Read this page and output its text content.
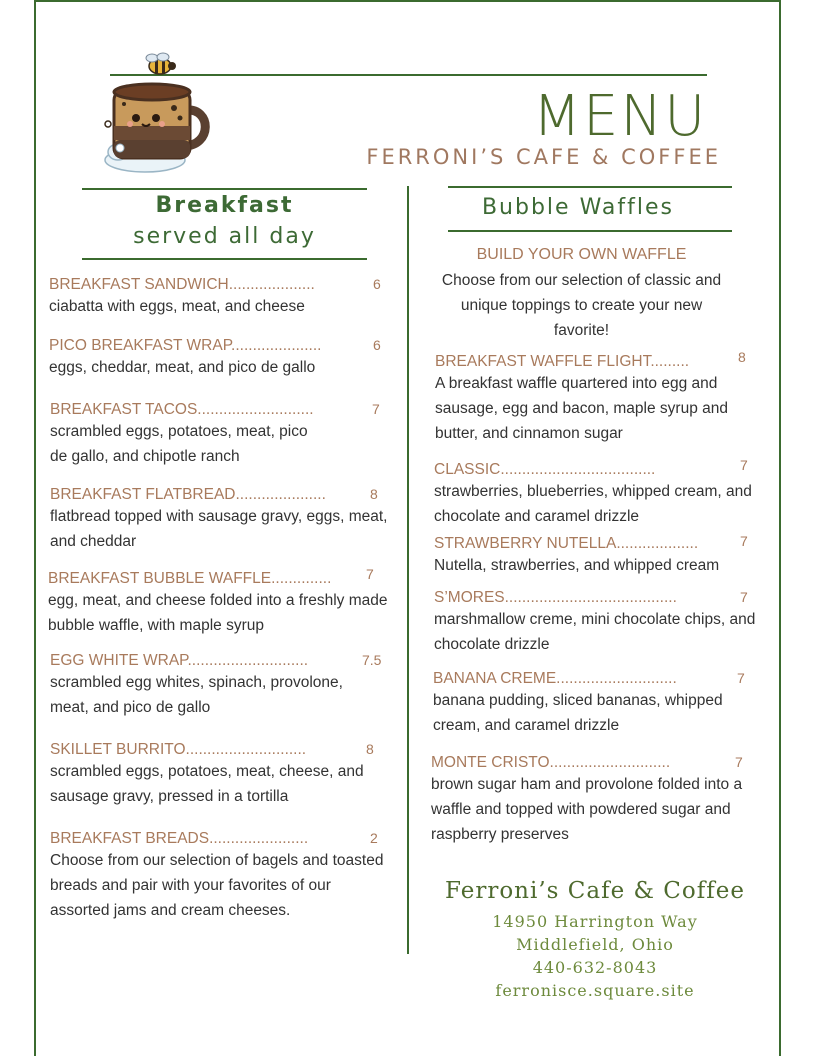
MENU
FERRONI’S CAFE & COFFEE
Breakfast
served all day
Bubble Waffles
BUILD YOUR OWN WAFFLE
Choose from our selection of classic and unique toppings to create your new favorite!
BREAKFAST SANDWICH....................	6
ciabatta with eggs, meat, and cheese
PICO BREAKFAST WRAP.....................	6
eggs, cheddar, meat, and pico de gallo
BREAKFAST TACOS...........................	7
scrambled eggs, potatoes, meat, pico de gallo, and chipotle ranch
BREAKFAST FLATBREAD.....................	8
flatbread topped with sausage gravy, eggs, meat, and cheddar
BREAKFAST BUBBLE WAFFLE..............	7
egg, meat, and cheese folded into a freshly made bubble waffle, with maple syrup
EGG WHITE WRAP............................	7.5
scrambled egg whites, spinach, provolone, meat, and pico de gallo
SKILLET BURRITO............................	8
scrambled eggs, potatoes, meat, cheese, and sausage gravy, pressed in a tortilla
BREAKFAST BREADS.......................	2
Choose from our selection of bagels and toasted breads and pair with your favorites of our assorted jams and cream cheeses.
BREAKFAST WAFFLE FLIGHT.........	8
A breakfast waffle quartered into egg and sausage, egg and bacon, maple syrup and butter, and cinnamon sugar
CLASSIC....................................	7
strawberries, blueberries, whipped cream, and chocolate and caramel drizzle
STRAWBERRY NUTELLA...................	7
Nutella, strawberries, and whipped cream
S’MORES........................................	7
marshmallow creme, mini chocolate chips, and chocolate drizzle
BANANA CREME............................	7
banana pudding, sliced bananas, whipped cream, and caramel drizzle
MONTE CRISTO............................	7
brown sugar ham and provolone folded into a waffle and topped with powdered sugar and raspberry preserves
Ferroni’s Cafe & Coffee
14950 Harrington Way
Middlefield, Ohio
440-632-8043
ferronisce.square.site
